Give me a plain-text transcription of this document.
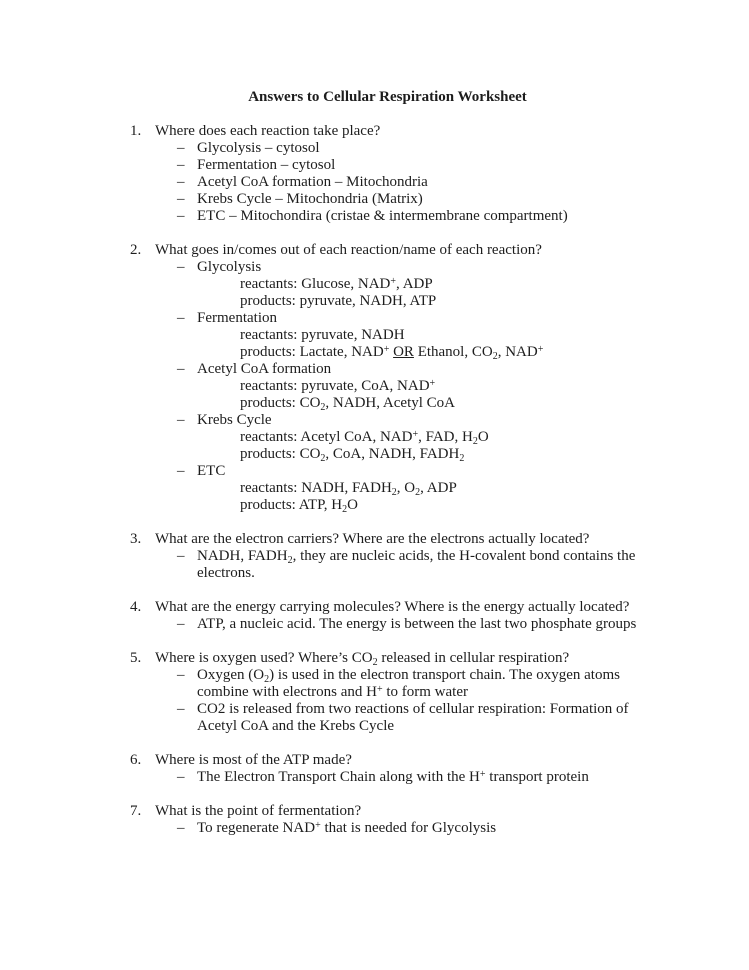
Answers to Cellular Respiration Worksheet
1. Where does each reaction take place?
– Glycolysis – cytosol
– Fermentation – cytosol
– Acetyl CoA formation – Mitochondria
– Krebs Cycle – Mitochondria (Matrix)
– ETC – Mitochondira (cristae & intermembrane compartment)
2. What goes in/comes out of each reaction/name of each reaction?
– Glycolysis
reactants: Glucose, NAD+, ADP
products: pyruvate, NADH, ATP
– Fermentation
reactants: pyruvate, NADH
products: Lactate, NAD+ OR Ethanol, $CO_2$, NAD+
– Acetyl CoA formation
reactants: pyruvate, CoA, NAD+
products: $CO_2$, NADH, Acetyl CoA
– Krebs Cycle
reactants: Acetyl CoA, NAD+, FAD, $H_2O$
products: $CO_2$, CoA, NADH, $FADH_2$
– ETC
reactants: NADH, $FADH_2$, $O_2$, ADP
products: ATP, $H_2O$
3. What are the electron carriers? Where are the electrons actually located?
– NADH, $FADH_2$, they are nucleic acids, the H-covalent bond contains the
electrons.
4. What are the energy carrying molecules? Where is the energy actually located?
– ATP, a nucleic acid. The energy is between the last two phosphate groups
5. Where is oxygen used? Where’s $CO_2$ released in cellular respiration?
– Oxygen $(O_2)$ is used in the electron transport chain. The oxygen atoms
combine with electrons and H+ to form water
– CO2 is released from two reactions of cellular respiration: Formation of
Acetyl CoA and the Krebs Cycle
6. Where is most of the ATP made?
– The Electron Transport Chain along with the H+ transport protein
7. What is the point of fermentation?
– To regenerate NAD+ that is needed for Glycolysis
